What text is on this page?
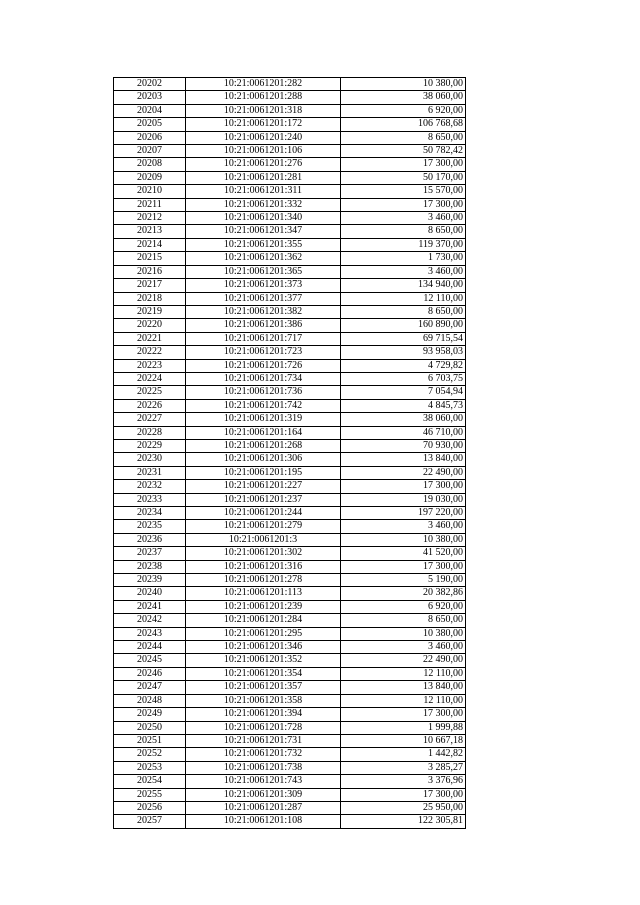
20202	10:21:0061201:282	10 380,00
20203	10:21:0061201:288	38 060,00
20204	10:21:0061201:318	6 920,00
20205	10:21:0061201:172	106 768,68
20206	10:21:0061201:240	8 650,00
20207	10:21:0061201:106	50 782,42
20208	10:21:0061201:276	17 300,00
20209	10:21:0061201:281	50 170,00
20210	10:21:0061201:311	15 570,00
20211	10:21:0061201:332	17 300,00
20212	10:21:0061201:340	3 460,00
20213	10:21:0061201:347	8 650,00
20214	10:21:0061201:355	119 370,00
20215	10:21:0061201:362	1 730,00
20216	10:21:0061201:365	3 460,00
20217	10:21:0061201:373	134 940,00
20218	10:21:0061201:377	12 110,00
20219	10:21:0061201:382	8 650,00
20220	10:21:0061201:386	160 890,00
20221	10:21:0061201:717	69 715,54
20222	10:21:0061201:723	93 958,03
20223	10:21:0061201:726	4 729,82
20224	10:21:0061201:734	6 703,75
20225	10:21:0061201:736	7 054,94
20226	10:21:0061201:742	4 845,73
20227	10:21:0061201:319	38 060,00
20228	10:21:0061201:164	46 710,00
20229	10:21:0061201:268	70 930,00
20230	10:21:0061201:306	13 840,00
20231	10:21:0061201:195	22 490,00
20232	10:21:0061201:227	17 300,00
20233	10:21:0061201:237	19 030,00
20234	10:21:0061201:244	197 220,00
20235	10:21:0061201:279	3 460,00
20236	10:21:0061201:3	10 380,00
20237	10:21:0061201:302	41 520,00
20238	10:21:0061201:316	17 300,00
20239	10:21:0061201:278	5 190,00
20240	10:21:0061201:113	20 382,86
20241	10:21:0061201:239	6 920,00
20242	10:21:0061201:284	8 650,00
20243	10:21:0061201:295	10 380,00
20244	10:21:0061201:346	3 460,00
20245	10:21:0061201:352	22 490,00
20246	10:21:0061201:354	12 110,00
20247	10:21:0061201:357	13 840,00
20248	10:21:0061201:358	12 110,00
20249	10:21:0061201:394	17 300,00
20250	10:21:0061201:728	1 999,88
20251	10:21:0061201:731	10 667,18
20252	10:21:0061201:732	1 442,82
20253	10:21:0061201:738	3 285,27
20254	10:21:0061201:743	3 376,96
20255	10:21:0061201:309	17 300,00
20256	10:21:0061201:287	25 950,00
20257	10:21:0061201:108	122 305,81
